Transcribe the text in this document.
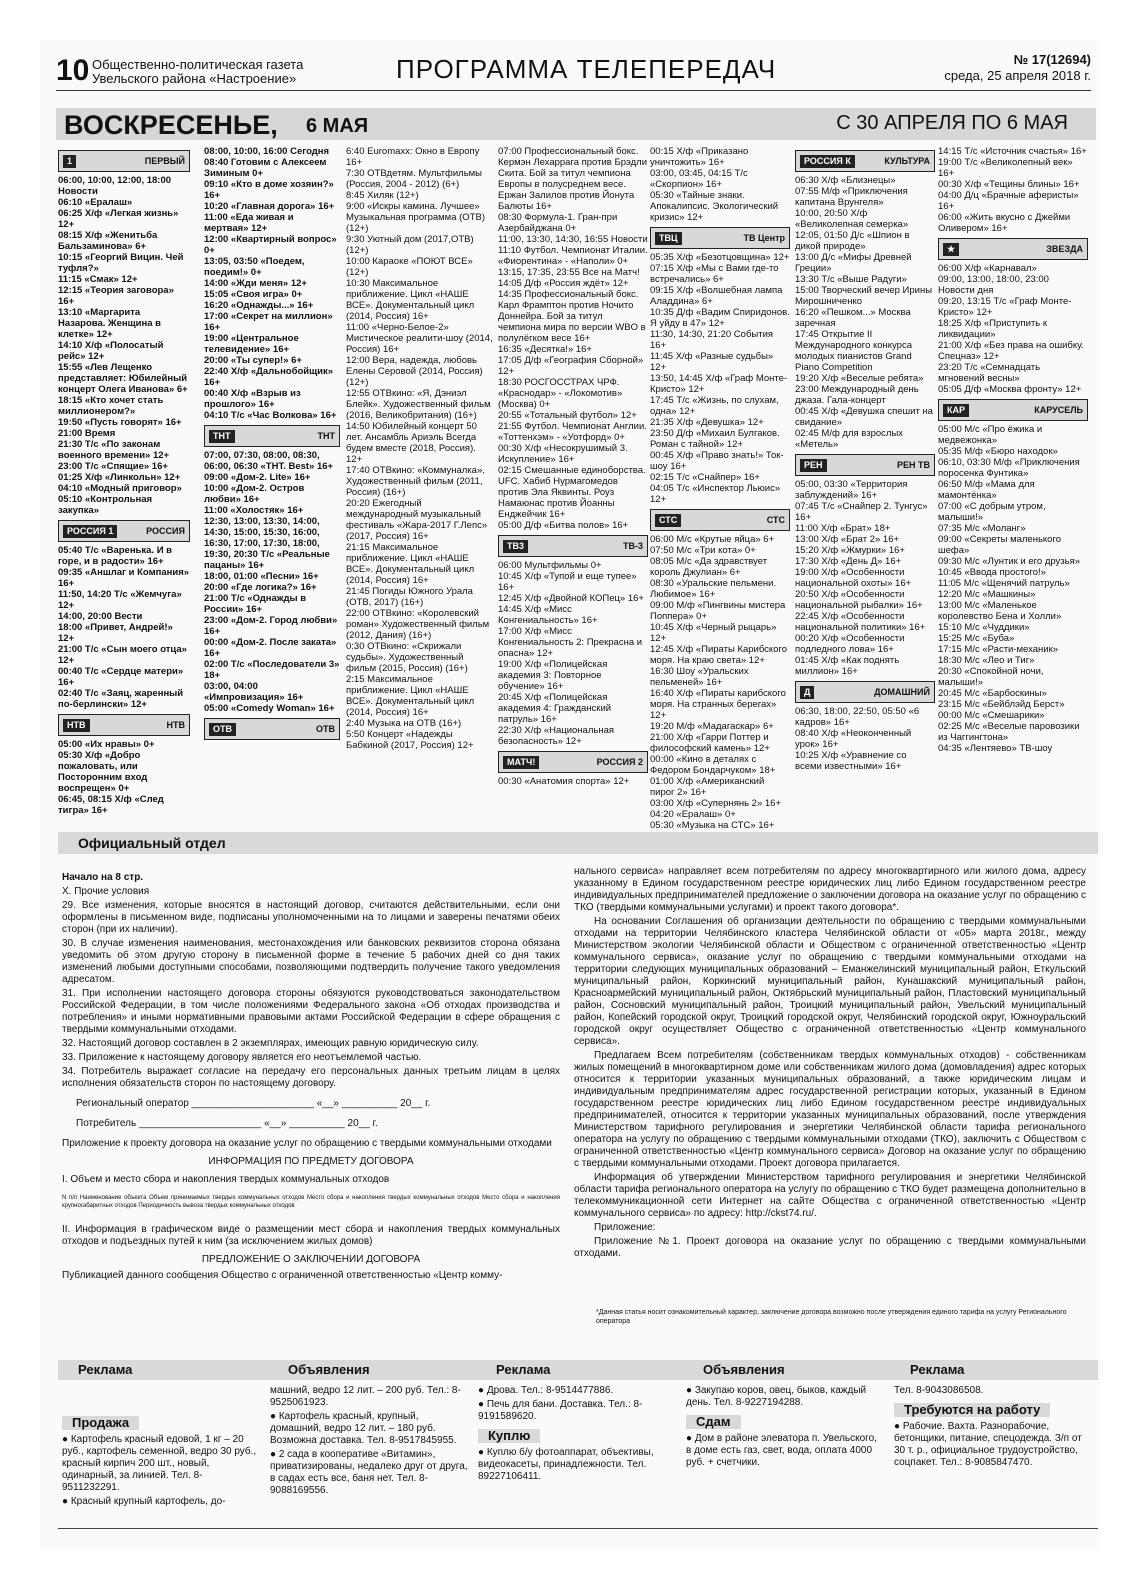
10 Общественно-политическая газета
Увельского района «Настроение»	ПРОГРАММА ТЕЛЕПЕРЕДАЧ	№ 17(12694)
среда, 25 апреля 2018 г.
ВОСКРЕСЕНЬЕ, 6 МАЯ	С 30 АПРЕЛЯ ПО 6 МАЯ
1	ПЕРВЫЙ
06:00, 10:00, 12:00, 18:00 Новости
06:10 «Ералаш»
06:25 Х/ф «Легкая жизнь» 12+
08:15 Х/ф «Женитьба Бальзаминова» 6+
10:15 «Георгий Вицин. Чей туфля?»
11:15 «Смак» 12+
12:15 «Теория заговора» 16+
13:10 «Маргарита Назарова. Женщина в клетке» 12+
14:10 Х/ф «Полосатый рейс» 12+
15:55 «Лев Лещенко представляет: Юбилейный концерт Олега Иванова» 6+
18:15 «Кто хочет стать миллионером?»
19:50 «Пусть говорят» 16+
21:00 Время
21:30 Т/с «По законам военного времени» 12+
23:00 Т/с «Спящие» 16+
01:25 Х/ф «Линкольн» 12+
04:10 «Модный приговор»
05:10 «Контрольная закупка»
РОССИЯ 1	РОССИЯ
05:40 Т/с «Варенька. И в горе, и в радости» 16+
09:35 «Аншлаг и Компания» 16+
11:50, 14:20 Т/с «Жемчуга» 12+
14:00, 20:00 Вести
18:00 «Привет, Андрей!» 12+
21:00 Т/с «Сын моего отца» 12+
00:40 Т/с «Сердце матери» 16+
02:40 Т/с «Заяц, жаренный по-берлински» 12+
НТВ	НТВ
05:00 «Их нравы» 0+
05:30 Х/ф «Добро пожаловать, или Посторонним вход воспрещен» 0+
06:45, 08:15 Х/ф «След тигра» 16+
08:00, 10:00, 16:00 Сегодня
08:40 Готовим с Алексеем Зиминым 0+
09:10 «Кто в доме хозяин?» 16+
10:20 «Главная дорога» 16+
11:00 «Еда живая и мертвая» 12+
12:00 «Квартирный вопрос» 0+
13:05, 03:50 «Поедем, поедим!» 0+
14:00 «Жди меня» 12+
15:05 «Своя игра» 0+
16:20 «Однажды...» 16+
17:00 «Секрет на миллион» 16+
19:00 «Центральное телевидение» 16+
20:00 «Ты супер!» 6+
22:40 Х/ф «Дальнобойщик» 16+
00:40 Х/ф «Взрыв из прошлого» 16+
04:10 Т/с «Час Волкова» 16+
ТНТ	ТНТ
07:00, 07:30, 08:00, 08:30, 06:00, 06:30 «ТНТ. Best» 16+
09:00 «Дом-2. Lite» 16+
10:00 «Дом-2. Остров любви» 16+
11:00 «Холостяк» 16+
12:30, 13:00, 13:30, 14:00, 14:30, 15:00, 15:30, 16:00, 16:30, 17:00, 17:30, 18:00, 19:30, 20:30 Т/с «Реальные пацаны» 16+
18:00, 01:00 «Песни» 16+
20:00 «Где логика?» 16+
21:00 Т/с «Однажды в России» 16+
23:00 «Дом-2. Город любви» 16+
00:00 «Дом-2. После заката» 16+
02:00 Т/с «Последователи 3» 18+
03:00, 04:00 «Импровизация» 16+
05:00 «Comedy Woman» 16+
ОТВ	ОТВ
6:40 Euromaxx: Окно в Европу 16+
7:30 ОТВдетям. Мультфильмы (Россия, 2004 - 2012) (6+)
8:45 Хиляк (12+)
9:00 «Искры камина. Лучшее» Музыкальная программа (ОТВ) (12+)
9:30 Уютный дом (2017,ОТВ) (12+)
10:00 Караоке «ПОЮТ ВСЕ» (12+)
10:30 Максимальное приближение. Цикл «НАШЕ ВСЕ». Документальный цикл (2014, Россия) 16+
11:00 «Черно-Белое-2» Мистическое реалити-шоу (2014, Россия) 16+
12:00 Вера, надежда, любовь Елены Серовой (2014, Россия) (12+)
12:55 ОТВкино: «Я, Дэниэл Блейк». Художественный фильм (2016, Великобритания) (16+)
14:50 Юбилейный концерт 50 лет. Ансамбль Ариэль Всегда будем вместе (2018, Россия). 12+
17:40 ОТВкино: «Коммуналка». Художественный фильм (2011, Россия) (16+)
20:20 Ежегодный международный музыкальный фестиваль «Жара-2017 Г.Лепс» (2017, Россия) 16+
21:15 Максимальное приближение. Цикл «НАШЕ ВСЕ». Документальный цикл (2014, Россия) 16+
21:45 Погиды Южного Урала (ОТВ, 2017) (16+)
22:00 ОТВкино: «Королевский роман» Художественный фильм (2012, Дания) (16+)
0:30 ОТВкино: «Скрижали судьбы». Художественный фильм (2015, Россия) (16+)
2:15 Максимальное приближение. Цикл «НАШЕ ВСЕ». Документальный цикл (2014, Россия) 16+
2:40 Музыка на ОТВ (16+)
5:50 Концерт «Надежды Бабкиной (2017, Россия) 12+
07:00 Профессиональный бокс. Кермэн Лехаррага против Брэдли Скита. Бой за титул чемпиона Европы в полусреднем весе. Ержан Залилов против Йонута Балюты 16+
08:30 Формула-1. Гран-при Азербайджана 0+
11:00, 13:30, 14:30, 16:55 Новости
11:10 Футбол. Чемпионат Италии. «Фиорентина» - «Наполи» 0+
13:15, 17:35, 23:55 Все на Матч!
14:05 Д/ф «Россия ждёт» 12+
14:35 Профессиональный бокс. Карл Фрамптон против Ночито Доннейра. Бой за титул чемпиона мира по версии WBO в полулёгком весе 16+
16:35 «Десятка!» 16+
17:05 Д/ф «География Сборной» 12+
18:30 РОСГОССТРАХ ЧРФ. «Краснодар» - «Локомотив» (Москва) 0+
20:55 «Тотальный футбол» 12+
21:55 Футбол. Чемпионат Англии. «Тоттенхэм» - «Уотфорд» 0+
00:30 Х/ф «Несокрушимый 3. Искупление» 16+
02:15 Смешанные единоборства. UFC. Хабиб Нурмагомедов против Эла Яквинты. Роуз Намаюнас против Йоанны Енджейчик 16+
05:00 Д/ф «Битва полов» 16+
ТВ3	ТВ-3
06:00 Мультфильмы 0+
10:45 Х/ф «Тупой и еще тупее» 16+
12:45 Х/ф «Двойной КОПец» 16+
14:45 Х/ф «Мисс Конгениальность» 16+
17:00 Х/ф «Мисс Конгениальность 2: Прекрасна и опасна» 12+
19:00 Х/ф «Полицейская академия 3: Повторное обучение» 16+
20:45 Х/ф «Полицейская академия 4: Гражданский патруль» 16+
22:30 Х/ф «Национальная безопасность» 12+
МАТЧ!	РОССИЯ 2
00:30 «Анатомия спорта» 12+
00:15 Х/ф «Приказано уничтожить» 16+
03:00, 03:45, 04:15 Т/с «Скорпион» 16+
05:30 «Тайные знаки. Апокалипсис. Экологический кризис» 12+
ТВЦ	ТВ Центр
05:35 Х/ф «Безотцовщина» 12+
07:15 Х/ф «Мы с Вами где-то встречались» 6+
09:15 Х/ф «Волшебная лампа Аладдина» 6+
10:35 Д/ф «Вадим Спиридонов. Я уйду в 47» 12+
11:30, 14:30, 21:20 События 16+
11:45 Х/ф «Разные судьбы» 12+
13:50, 14:45 Х/ф «Граф Монте-Кристо» 12+
17:45 Т/с «Жизнь, по слухам, одна» 12+
21:35 Х/ф «Девушка» 12+
23:50 Д/ф «Михаил Булгаков. Роман с тайной» 12+
00:45 Х/ф «Право знать!» Ток-шоу 16+
02:15 Т/с «Снайпер» 16+
04:05 Т/с «Инспектор Льюис» 12+
СТС	СТС
06:00 М/с «Крутые яйца» 6+
07:50 М/с «Три кота» 0+
08:05 М/с «Да здравствует король Джулиан» 6+
08:30 «Уральские пельмени. Любимое» 16+
09:00 М/ф «Пингвины мистера Поппера» 0+
10:45 Х/ф «Черный рыцарь» 12+
12:45 Х/ф «Пираты Карибского моря. На краю света» 12+
16:30 Шоу «Уральских пельменей» 16+
16:40 Х/ф «Пираты карибского моря. На странных берегах» 12+
19:20 М/ф «Мадагаскар» 6+
21:00 Х/ф «Гарри Поттер и философский камень» 12+
00:00 «Кино в деталях с Федором Бондарчуком» 18+
01:00 Х/ф «Американский пирог 2» 16+
03:00 Х/ф «Супернянь 2» 16+
04:20 «Ералаш» 0+
05:30 «Музыка на СТС» 16+
РОССИЯ К	КУЛЬТУРА
06:30 Х/ф «Близнецы»
07:55 М/ф «Приключения капитана Врунгеля»
10:00, 20:50 Х/ф «Великолепная семерка»
12:05, 01:50 Д/с «Шпион в дикой природе»
13:00 Д/с «Мифы Древней Греции»
13:30 Т/с «Выше Радуги»
15:00 Творческий вечер Ирины Мирошниченко
16:20 «Пешком...» Москва заречная
17:45 Открытие II Международного конкурса молодых пианистов Grand Piano Competition
19:20 Х/ф «Веселые ребята»
23:00 Международный день джаза. Гала-концерт
00:45 Х/ф «Девушка спешит на свидание»
02:45 М/ф для взрослых «Метель»
РЕН	РЕН ТВ
05:00, 03:30 «Территория заблуждений» 16+
07:45 Т/с «Снайпер 2. Тунгус» 16+
11:00 Х/ф «Брат» 18+
13:00 Х/ф «Брат 2» 16+
15:20 Х/ф «Жмурки» 16+
17:30 Х/ф «День Д» 16+
19:00 Х/ф «Особенности национальной охоты» 16+
20:50 Х/ф «Особенности национальной рыбалки» 16+
22:45 Х/ф «Особенности национальной политики» 16+
00:20 Х/ф «Особенности подледного лова» 16+
01:45 Х/ф «Как поднять миллион» 16+
Д	ДОМАШНИЙ
06:30, 18:00, 22:50, 05:50 «6 кадров» 16+
08:40 Х/ф «Неоконченный урок» 16+
10:25 Х/ф «Уравнение со всеми известными» 16+
14:15 Т/с «Источник счастья» 16+
19:00 Т/с «Великолепный век» 16+
00:30 Х/ф «Тещины блины» 16+
04:00 Д/ц «Брачные аферисты» 16+
06:00 «Жить вкусно с Джейми Оливером» 16+
★	ЗВЕЗДА
06:00 Х/ф «Карнавал»
09:00, 13:00, 18:00, 23:00 Новости дня
09:20, 13:15 Т/с «Граф Монте-Кристо» 12+
18:25 Х/ф «Приступить к ликвидации»
21:00 Х/ф «Без права на ошибку. Спецназ» 12+
23:20 Т/с «Семнадцать мгновений весны»
05:05 Д/ф «Москва фронту» 12+
КАР	КАРУСЕЛЬ
05:00 М/с «Про ёжика и медвежонка»
05:35 М/ф «Бюро находок»
06:10, 03:30 М/ф «Приключения поросенка Фунтика»
06:50 М/ф «Мама для мамонтёнка»
07:00 «С добрым утром, малыши!»
07:35 М/с «Моланг»
09:00 «Секреты маленького шефа»
09:30 М/с «Лунтик и его друзья»
10:45 «Ввода простого!»
11:05 М/с «Щенячий патруль»
12:20 М/с «Машкины»
13:00 М/с «Маленькое королевство Бена и Холли»
15:10 М/с «Чуддики»
15:25 М/с «Буба»
17:15 М/с «Расти-механик»
18:30 М/с «Лео и Тиг»
20:30 «Спокойной ночи, малыши!»
20:45 М/с «Барбоскины»
23:15 М/с «Бейблэйд Берст»
00:00 М/с «Смешарики»
02:25 М/с «Веселые паровозики из Чаггингтона»
04:35 «Лентяево» ТВ-шоу
Официальный отдел

Начало на 8 стр.

X. Прочие условия

29. Все изменения, которые вносятся в настоящий договор, считаются действительными, если они оформлены в письменном виде, подписаны уполномоченными на то лицами и заверены печатями обеих сторон (при их наличии).

30. В случае изменения наименования, местонахождения или банковских реквизитов сторона обязана уведомить об этом другую сторону в письменной форме в течение 5 рабочих дней со дня таких изменений любыми доступными способами, позволяющими подтвердить получение такого уведомления адресатом.

31. При исполнении настоящего договора стороны обязуются руководствоваться законодательством Российской Федерации, в том числе положениями Федерального закона «Об отходах производства и потребления» и иными нормативными правовыми актами Российской Федерации в сфере обращения с твердыми коммунальными отходами.

32. Настоящий договор составлен в 2 экземплярах, имеющих равную юридическую силу.

33. Приложение к настоящему договору является его неотъемлемой частью.

34. Потребитель выражает согласие на передачу его персональных данных третьим лицам в целях исполнения обязательств сторон по настоящему договору.

Региональный оператор ______________________ «__» __________ 20__ г.

Потребитель ______________________ «__» __________ 20__ г.

Приложение к проекту договора на оказание услуг по обращению с твердыми коммунальными отходами

ИНФОРМАЦИЯ ПО ПРЕДМЕТУ ДОГОВОРА

I. Объем и место сбора и накопления твердых коммунальных отходов

N п/п Наименование объекта Объем принимаемых твердых коммунальных отходов Место сбора и накопления твердых коммунальных отходов Место сбора и накопления крупногабаритных отходов Периодичность вывоза твердых коммунальных отходов

II. Информация в графическом виде о размещении мест сбора и накопления твердых коммунальных отходов и подъездных путей к ним (за исключением жилых домов)

ПРЕДЛОЖЕНИЕ О ЗАКЛЮЧЕНИИ ДОГОВОРА

Публикацией данного сообщения Общество с ограниченной ответственностью «Центр комму-

нального сервиса» направляет всем потребителям по адресу многоквартирного или жилого дома, адресу указанному в Едином государственном реестре юридических лиц либо Едином государственном реестре индивидуальных предпринимателей предложение о заключении договора на оказание услуг по обращению с ТКО (твердыми коммунальными услугами) и проект такого договора*.

На основании Соглашения об организации деятельности по обращению с твердыми коммунальными отходами на территории Челябинского кластера Челябинской области от «05» марта 2018г., между Министерством экологии Челябинской области и Обществом с ограниченной ответственностью «Центр коммунального сервиса», оказание услуг по обращению с твердыми коммунальными отходами на территории следующих муниципальных образований – Еманжелинский муниципальный район, Еткульский муниципальный район, Коркинский муниципальный район, Кунашакский муниципальный район, Красноармейский муниципальный район, Октябрьский муниципальный район, Пластовский муниципальный район, Сосновский муниципальный район, Троицкий муниципальный район, Увельский муниципальный район, Копейский городской округ, Троицкий городской округ, Челябинский городской округ, Южноуральский городской округ осуществляет Общество с ограниченной ответственностью «Центр коммунального сервиса».

Предлагаем Всем потребителям (собственникам твердых коммунальных отходов) - собственникам жилых помещений в многоквартирном доме или собственникам жилого дома (домовладения) адрес которых относится к территории указанных муниципальных образований, а также юридическим лицам и индивидуальным предпринимателям адрес государственной регистрации которых, указанный в Едином государственном реестре юридических лиц либо Едином государственном реестре индивидуальных предпринимателей, относится к территории указанных муниципальных образований, после утверждения Министерством тарифного регулирования и энергетики Челябинской области тарифа регионального оператора на услугу по обращению с твердыми коммунальными отходами (ТКО), заключить с Обществом с ограниченной ответственностью «Центр коммунального сервиса» Договор на оказание услуг по обращению с твердыми коммунальными отходами. Проект договора прилагается.

Информация об утверждении Министерством тарифного регулирования и энергетики Челябинской области тарифа регионального оператора на услугу по обращению с ТКО будет размещена дополнительно в телекоммуникационной сети Интернет на сайте Общества с ограниченной ответственностью «Центр коммунального сервиса» по адресу: http://ckst74.ru/.

Приложение:

Приложение №1. Проект договора на оказание услуг по обращению с твердыми коммунальными отходами.

*Данная статья носит ознакомительный характер, заключение договора возможно после утверждения единого тарифа на услугу Регионального оператора
Реклама	Объявления	Реклама	Объявления	Реклама
Продажа
● Картофель красный едовой, 1 кг – 20 руб., картофель семенной, ведро 30 руб., красный кирпич 200 шт., новый, одинарный, за линией. Тел. 8-9511232291.
● Красный крупный картофель, до-
машний, ведро 12 лит. – 200 руб. Тел.: 8-9525061923.
● Картофель красный, крупный, домашний, ведро 12 лит. – 180 руб. Возможна доставка. Тел. 8-9517845955.
● 2 сада в кооперативе «Витамин», приватизированы, недалеко друг от друга, в садах есть все, баня нет. Тел. 8-9088169556.
● Дрова. Тел.: 8-9514477886.
● Печь для бани. Доставка. Тел.: 8-9191589620.
Куплю
● Куплю б/у фотоаппарат, объективы, видеокасеты, принадлежности. Тел. 89227106411.
● Закупаю коров, овец, быков, каждый день. Тел. 8-9227194288.
Сдам
● Дом в районе элеватора п. Увельского, в доме есть газ, свет, вода, оплата 4000 руб. + счетчики.
Тел. 8-9043086508.
Требуются на работу
● Рабочие. Вахта. Разнорабочие, бетонщики, питание, спецодежда. З/п от 30 т. р., официальное трудоустройство, соцпакет. Тел.: 8-9085847470.
